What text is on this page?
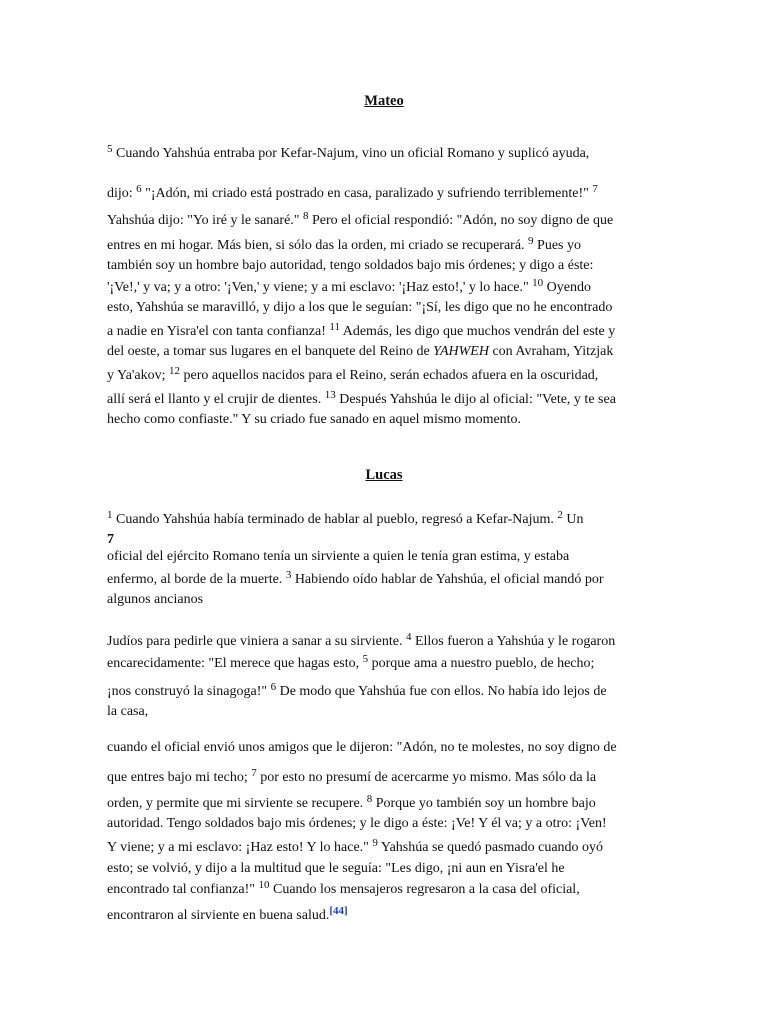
Mateo
$^5$ Cuando Yahshúa entraba por Kefar-Najum, vino un oficial Romano y suplicó ayuda,
dijo: $^6$ "¡Adón, mi criado está postrado en casa, paralizado y sufriendo terriblemente!" $^7$
Yahshúa dijo: "Yo iré y le sanaré." $^8$ Pero el oficial respondió: "Adón, no soy digno de que
entres en mi hogar. Más bien, si sólo das la orden, mi criado se recuperará. $^9$ Pues yo
también soy un hombre bajo autoridad, tengo soldados bajo mis órdenes; y digo a éste:
'¡Ve!,' y va; y a otro: '¡Ven,' y viene; y a mi esclavo: '¡Haz esto!,' y lo hace." $^{10}$ Oyendo
esto, Yahshúa se maravilló, y dijo a los que le seguían: "¡Sí, les digo que no he encontrado
a nadie en Yisra'el con tanta confianza! $^{11}$ Además, les digo que muchos vendrán del este y
del oeste, a tomar sus lugares en el banquete del Reino de YAHWEH con Avraham, Yitzjak
y Ya'akov; $^{12}$ pero aquellos nacidos para el Reino, serán echados afuera en la oscuridad,
allí será el llanto y el crujir de dientes. $^{13}$ Después Yahshúa le dijo al oficial: "Vete, y te sea
hecho como confiaste." Y su criado fue sanado en aquel mismo momento.
Lucas
$^1$ Cuando Yahshúa había terminado de hablar al pueblo, regresó a Kefar-Najum. $^2$ Un
7
oficial del ejército Romano tenía un sirviente a quien le tenía gran estima, y estaba
enfermo, al borde de la muerte. $^3$ Habiendo oído hablar de Yahshúa, el oficial mandó por
algunos ancianos
Judíos para pedirle que viniera a sanar a su sirviente. $^4$ Ellos fueron a Yahshúa y le rogaron
encarecidamente: "El merece que hagas esto, $^5$ porque ama a nuestro pueblo, de hecho;
¡nos construyó la sinagoga!" $^6$ De modo que Yahshúa fue con ellos. No había ido lejos de
la casa,
cuando el oficial envió unos amigos que le dijeron: "Adón, no te molestes, no soy digno de
que entres bajo mi techo; $^7$ por esto no presumí de acercarme yo mismo. Mas sólo da la
orden, y permite que mi sirviente se recupere. $^8$ Porque yo también soy un hombre bajo
autoridad. Tengo soldados bajo mis órdenes; y le digo a éste: ¡Ve! Y él va; y a otro: ¡Ven!
Y viene; y a mi esclavo: ¡Haz esto! Y lo hace." $^9$ Yahshúa se quedó pasmado cuando oyó
esto; se volvió, y dijo a la multitud que le seguía: "Les digo, ¡ni aun en Yisra'el he
encontrado tal confianza!" $^{10}$ Cuando los mensajeros regresaron a la casa del oficial,
encontraron al sirviente en buena salud.[44]
